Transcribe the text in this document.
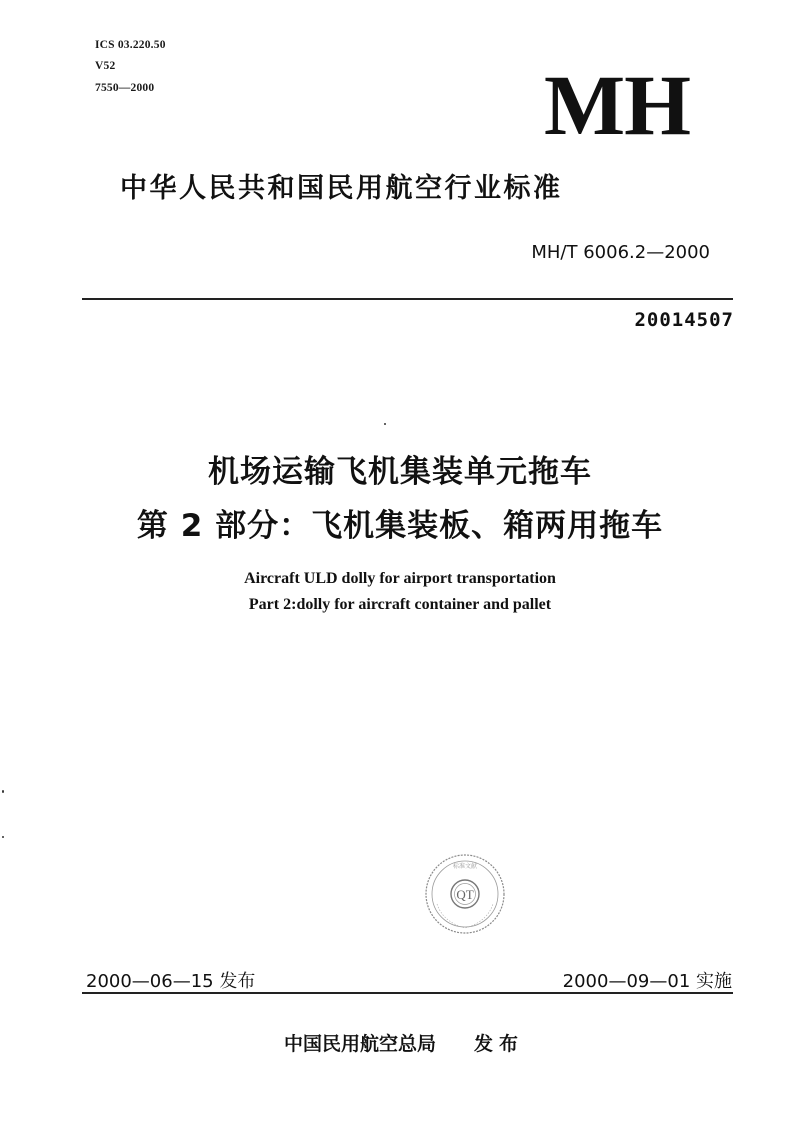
ICS 03.220.50
V52
7550—2000	MH
中华人民共和国民用航空行业标准
MH/T 6006.2—2000
20014507
机场运输飞机集装单元拖车
第 2 部分：飞机集装板、箱两用拖车
Aircraft ULD dolly for airport transportation
Part 2:dolly for aircraft container and pallet
QT
标准文献
2000—06—15 发布	2000—09—01 实施
中国民用航空总局 发布
